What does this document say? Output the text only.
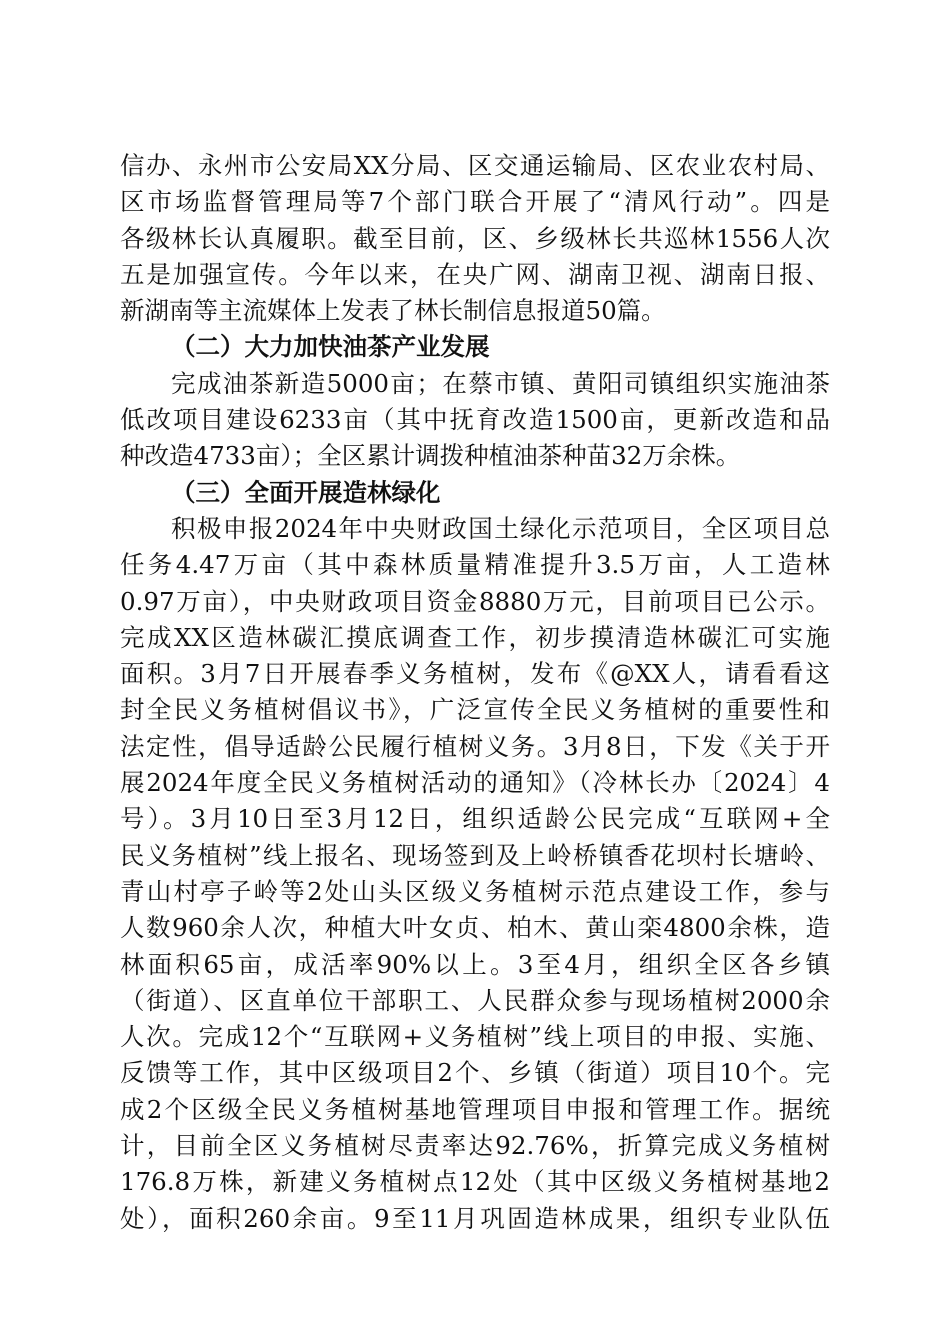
信办、永州市公安局XX分局、区交通运输局、区农业农村局、
区市场监督管理局等7个部门联合开展了“清风行动”。四是
各级林长认真履职。截至目前，区、乡级林长共巡林1556人次
五是加强宣传。今年以来，在央广网、湖南卫视、湖南日报、
新湖南等主流媒体上发表了林长制信息报道50篇。
（二）大力加快油茶产业发展
完成油茶新造5000亩；在蔡市镇、黄阳司镇组织实施油茶
低改项目建设6233亩（其中抚育改造1500亩，更新改造和品
种改造4733亩）；全区累计调拨种植油茶种苗32万余株。
（三）全面开展造林绿化
积极申报2024年中央财政国土绿化示范项目，全区项目总
任务4.47万亩（其中森林质量精准提升3.5万亩，人工造林
0.97万亩），中央财政项目资金8880万元，目前项目已公示。
完成XX区造林碳汇摸底调查工作，初步摸清造林碳汇可实施
面积。3月7日开展春季义务植树，发布《@XX人，请看看这
封全民义务植树倡议书》，广泛宣传全民义务植树的重要性和
法定性，倡导适龄公民履行植树义务。3月8日，下发《关于开
展2024年度全民义务植树活动的通知》（冷林长办〔2024〕4
号）。3月10日至3月12日，组织适龄公民完成“互联网+全
民义务植树”线上报名、现场签到及上岭桥镇香花坝村长塘岭、
青山村亭子岭等2处山头区级义务植树示范点建设工作，参与
人数960余人次，种植大叶女贞、柏木、黄山栾4800余株，造
林面积65亩，成活率90%以上。3至4月，组织全区各乡镇
（街道）、区直单位干部职工、人民群众参与现场植树2000余
人次。完成12个“互联网+义务植树”线上项目的申报、实施、
反馈等工作，其中区级项目2个、乡镇（街道）项目10个。完
成2个区级全民义务植树基地管理项目申报和管理工作。据统
计，目前全区义务植树尽责率达92.76%，折算完成义务植树
176.8万株，新建义务植树点12处（其中区级义务植树基地2
处），面积260余亩。9至11月巩固造林成果，组织专业队伍
